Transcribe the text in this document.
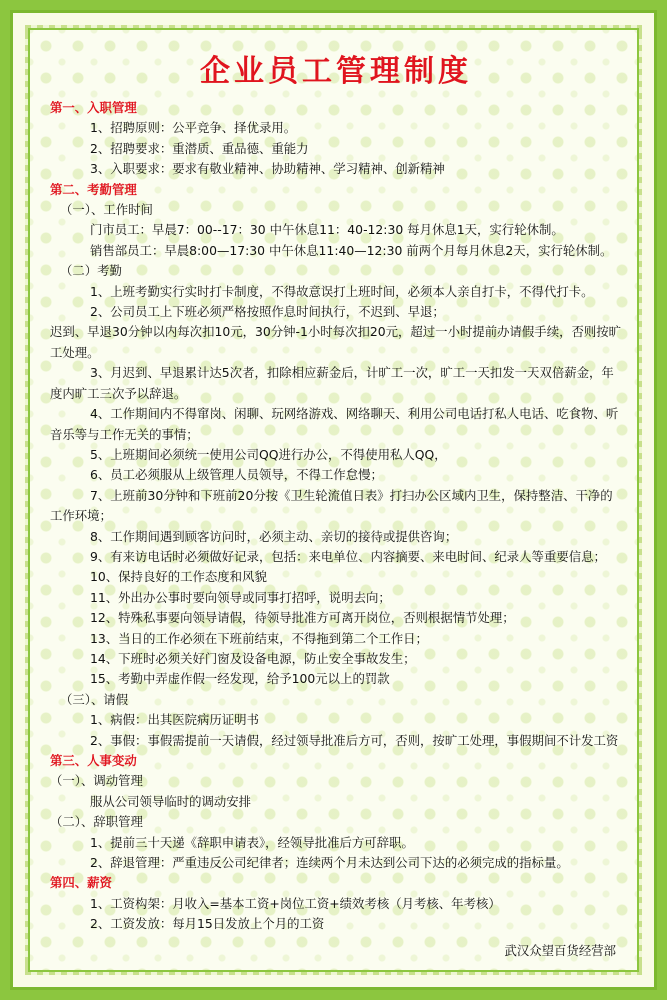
企业员工管理制度
第一、入职管理
1、招聘原则：公平竞争、择优录用。
2、招聘要求：重潜质、重品德、重能力
3、入职要求：要求有敬业精神、协助精神、学习精神、创新精神
第二、考勤管理
（一）、工作时间
门市员工：早晨7：00--17：30 中午休息11：40-12:30 每月休息1天，实行轮休制。
销售部员工：早晨8:00—17:30 中午休息11:40—12:30 前两个月每月休息2天，实行轮休制。
（二）考勤
1、上班考勤实行实时打卡制度，不得故意误打上班时间，必须本人亲自打卡，不得代打卡。
2、公司员工上下班必须严格按照作息时间执行，不迟到、早退；
迟到、早退30分钟以内每次扣10元，30分钟-1小时每次扣20元，超过一小时提前办请假手续，否则按旷工处理。
3、月迟到、早退累计达5次者，扣除相应薪金后，计旷工一次，旷工一天扣发一天双倍薪金，年度内旷工三次予以辞退。
4、工作期间内不得窜岗、闲聊、玩网络游戏、网络聊天、利用公司电话打私人电话、吃食物、听音乐等与工作无关的事情；
5、上班期间必须统一使用公司QQ进行办公，不得使用私人QQ，
6、员工必须服从上级管理人员领导，不得工作怠慢；
7、上班前30分钟和下班前20分按《卫生轮流值日表》打扫办公区域内卫生，保持整洁、干净的工作环境；
8、工作期间遇到顾客访问时，必须主动、亲切的接待或提供咨询；
9、有来访电话时必须做好记录，包括：来电单位、内容摘要、来电时间、纪录人等重要信息；
10、保持良好的工作态度和风貌
11、外出办公事时要向领导或同事打招呼，说明去向；
12、特殊私事要向领导请假，待领导批准方可离开岗位，否则根据情节处理；
13、当日的工作必须在下班前结束，不得拖到第二个工作日；
14、下班时必须关好门窗及设备电源，防止安全事故发生；
15、考勤中弄虚作假一经发现，给予100元以上的罚款
（三）、请假
1、病假：出其医院病历证明书
2、事假：事假需提前一天请假，经过领导批准后方可，否则，按旷工处理，事假期间不计发工资
第三、人事变动
（一）、调动管理
服从公司领导临时的调动安排
（二）、辞职管理
1、提前三十天递《辞职申请表》，经领导批准后方可辞职。
2、辞退管理：严重违反公司纪律者；连续两个月未达到公司下达的必须完成的指标量。
第四、薪资
1、工资构架：月收入=基本工资+岗位工资+绩效考核（月考核、年考核）
2、工资发放：每月15日发放上个月的工资
武汉众望百货经营部
